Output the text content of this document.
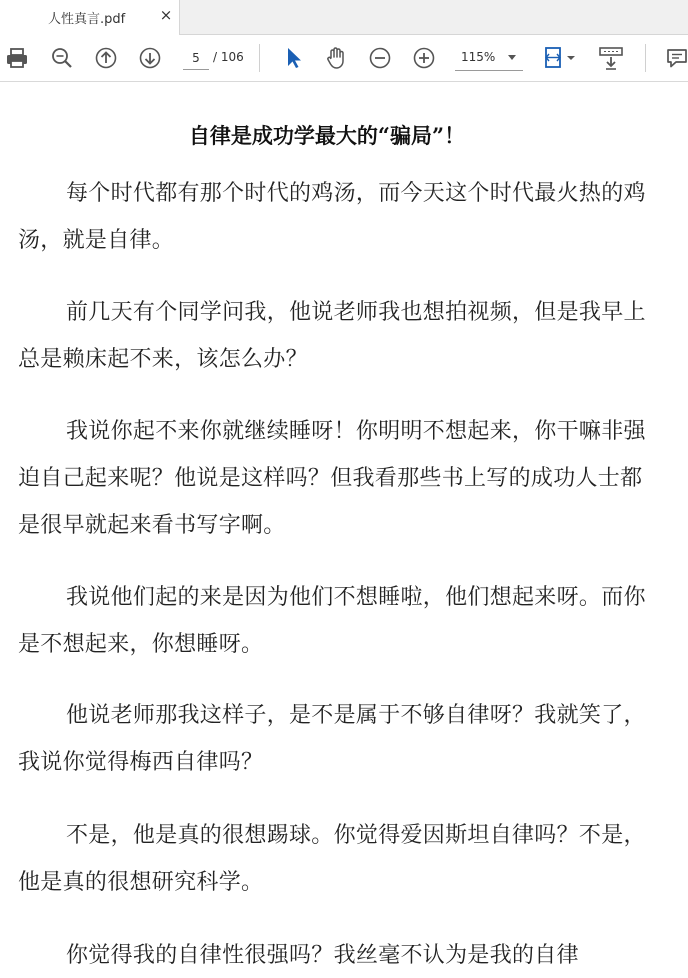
人性真言.pdf ×
5
/ 106	115%
自律是成功学最大的“骗局”！

每个时代都有那个时代的鸡汤，而今天这个时代最火热的鸡汤，就是自律。

前几天有个同学问我，他说老师我也想拍视频，但是我早上总是赖床起不来，该怎么办？

我说你起不来你就继续睡呀！你明明不想起来，你干嘛非强迫自己起来呢？他说是这样吗？但我看那些书上写的成功人士都是很早就起来看书写字啊。

我说他们起的来是因为他们不想睡啦，他们想起来呀。而你是不想起来，你想睡呀。

他说老师那我这样子，是不是属于不够自律呀？我就笑了，我说你觉得梅西自律吗？

不是，他是真的很想踢球。你觉得爱因斯坦自律吗？不是，他是真的很想研究科学。

你觉得我的自律性很强吗？我丝毫不认为是我的自律
